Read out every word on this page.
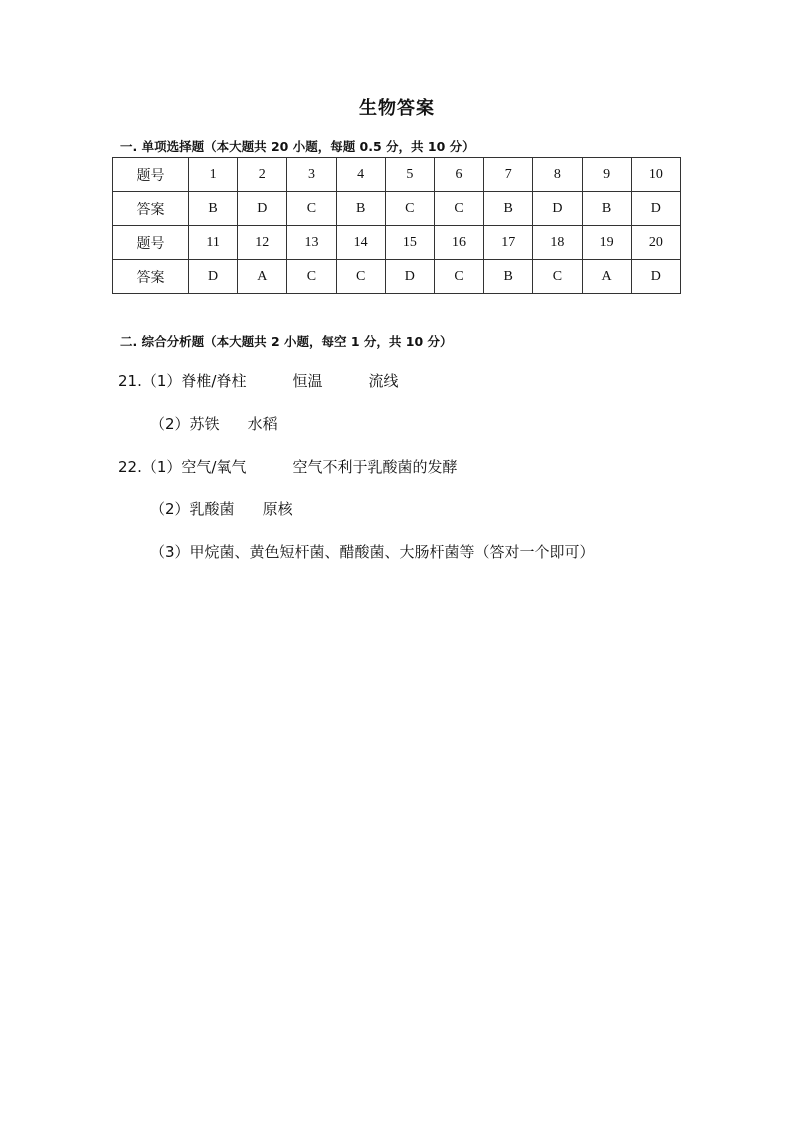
生物答案
一. 单项选择题（本大题共 20 小题，每题 0.5 分，共 10 分）
题号	1	2	3	4	5	6	7	8	9	10
答案	B	D	C	B	C	C	B	D	B	D
题号	11	12	13	14	15	16	17	18	19	20
答案	D	A	C	C	D	C	B	C	A	D
二. 综合分析题（本大题共 2 小题，每空 1 分，共 10 分）
21.（1）脊椎/脊柱	恒温	流线
（2）苏铁 水稻
22.（1）空气/氧气	空气不利于乳酸菌的发酵
（2）乳酸菌 原核
（3）甲烷菌、黄色短杆菌、醋酸菌、大肠杆菌等（答对一个即可）
